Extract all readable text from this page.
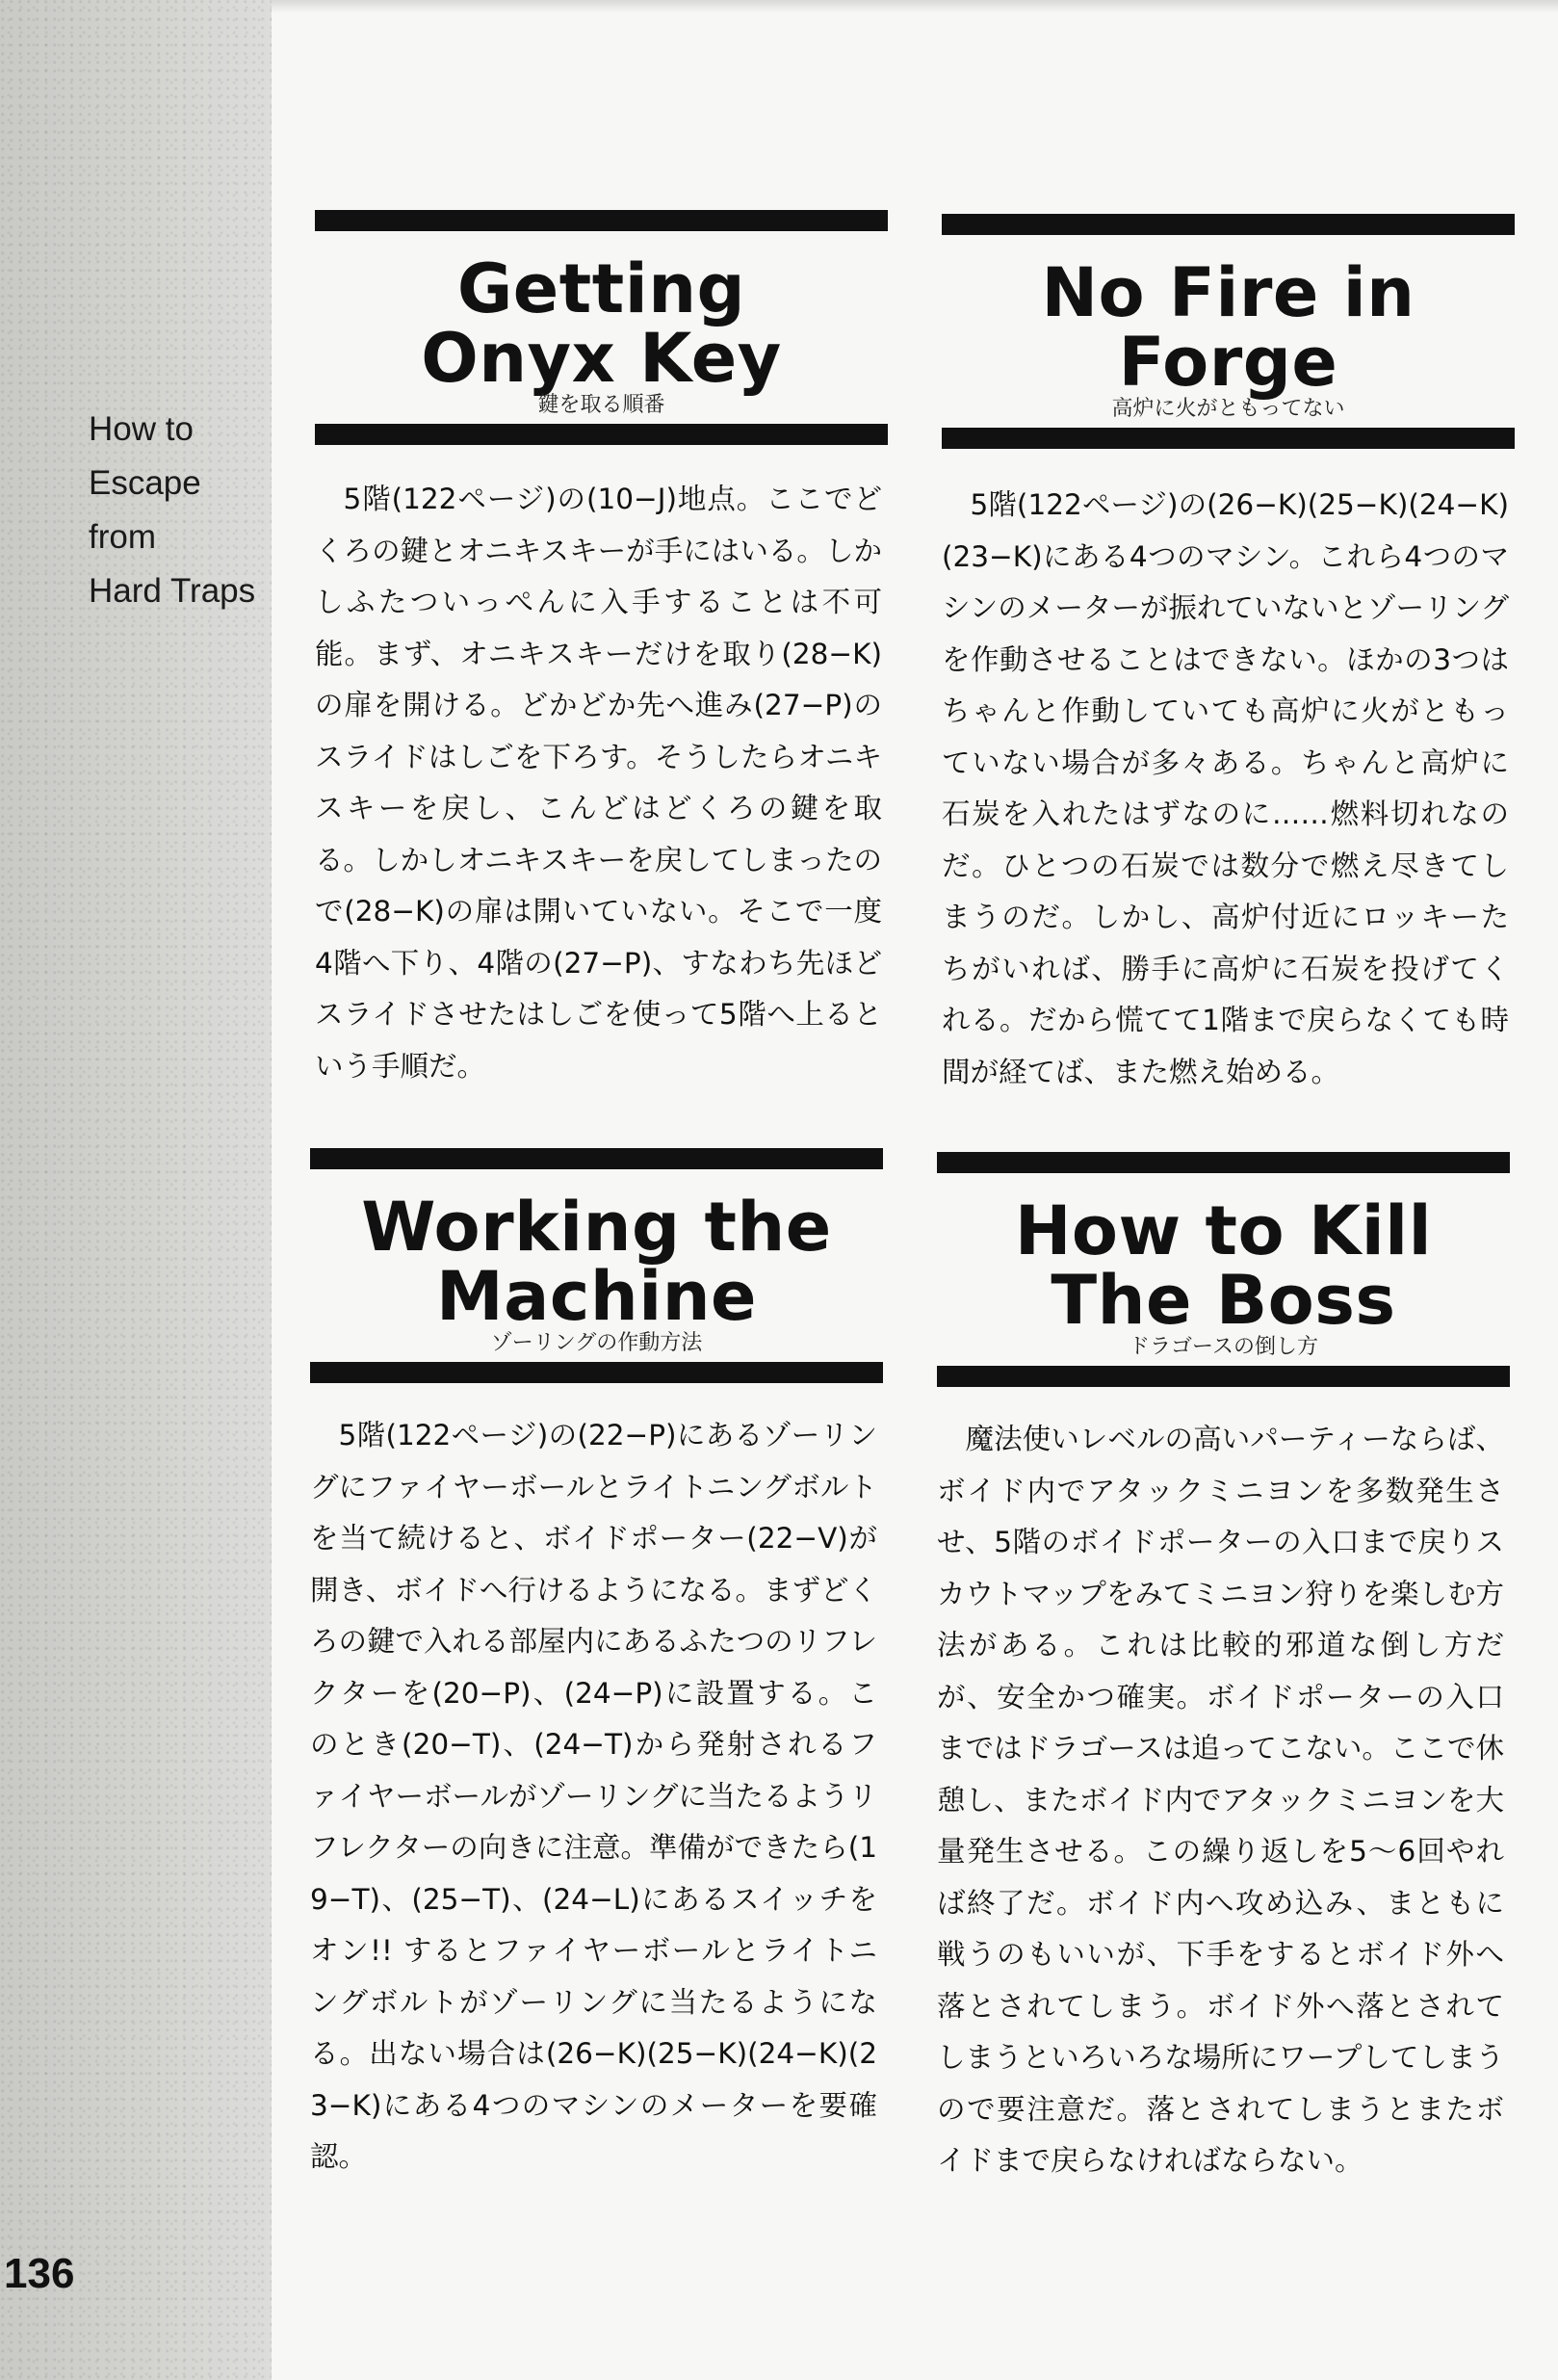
How to
Escape
from
Hard Traps
136
Getting
Onyx Key
鍵を取る順番

5階(122ページ)の(10−J)地点。ここでどくろの鍵とオニキスキーが手にはいる。しかしふたついっぺんに入手することは不可能。まず、オニキスキーだけを取り(28−K)の扉を開ける。どかどか先へ進み(27−P)のスライドはしごを下ろす。そうしたらオニキスキーを戻し、こんどはどくろの鍵を取る。しかしオニキスキーを戻してしまったので(28−K)の扉は開いていない。そこで一度4階へ下り、4階の(27−P)、すなわち先ほどスライドさせたはしごを使って5階へ上るという手順だ。

No Fire in
Forge
高炉に火がともってない

5階(122ページ)の(26−K)(25−K)(24−K)(23−K)にある4つのマシン。これら4つのマシンのメーターが振れていないとゾーリングを作動させることはできない。ほかの3つはちゃんと作動していても高炉に火がともっていない場合が多々ある。ちゃんと高炉に石炭を入れたはずなのに……燃料切れなのだ。ひとつの石炭では数分で燃え尽きてしまうのだ。しかし、高炉付近にロッキーたちがいれば、勝手に高炉に石炭を投げてくれる。だから慌てて1階まで戻らなくても時間が経てば、また燃え始める。

Working the
Machine
ゾーリングの作動方法

5階(122ページ)の(22−P)にあるゾーリングにファイヤーボールとライトニングボルトを当て続けると、ボイドポーター(22−V)が開き、ボイドへ行けるようになる。まずどくろの鍵で入れる部屋内にあるふたつのリフレクターを(20−P)、(24−P)に設置する。このとき(20−T)、(24−T)から発射されるファイヤーボールがゾーリングに当たるようリフレクターの向きに注意。準備ができたら(19−T)、(25−T)、(24−L)にあるスイッチをオン!! するとファイヤーボールとライトニングボルトがゾーリングに当たるようになる。出ない場合は(26−K)(25−K)(24−K)(23−K)にある4つのマシンのメーターを要確認。

How to Kill
The Boss
ドラゴースの倒し方

魔法使いレベルの高いパーティーならば、ボイド内でアタックミニヨンを多数発生させ、5階のボイドポーターの入口まで戻りスカウトマップをみてミニヨン狩りを楽しむ方法がある。これは比較的邪道な倒し方だが、安全かつ確実。ボイドポーターの入口まではドラゴースは追ってこない。ここで休憩し、またボイド内でアタックミニヨンを大量発生させる。この繰り返しを5〜6回やれば終了だ。ボイド内へ攻め込み、まともに戦うのもいいが、下手をするとボイド外へ落とされてしまう。ボイド外へ落とされてしまうといろいろな場所にワープしてしまうので要注意だ。落とされてしまうとまたボイドまで戻らなければならない。
